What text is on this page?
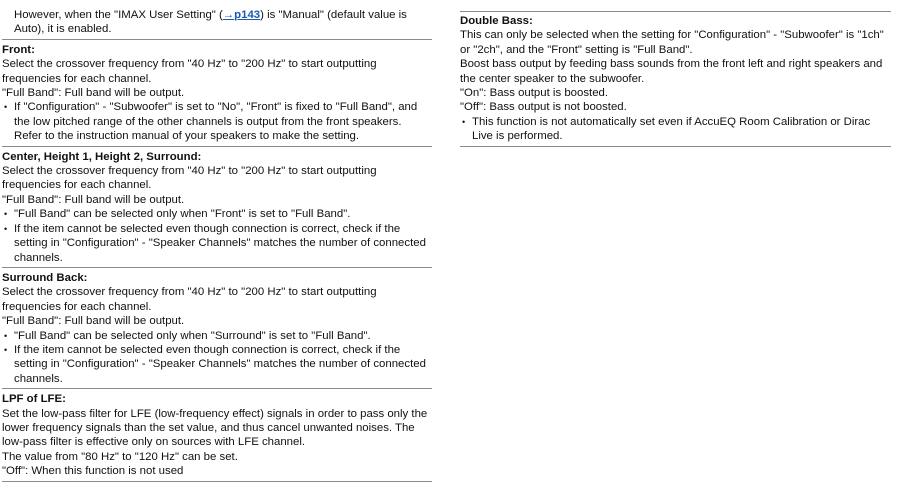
However, when the "IMAX User Setting" (→p143) is "Manual" (default value is Auto), it is enabled.

Front:

Select the crossover frequency from "40 Hz" to "200 Hz" to start outputting frequencies for each channel.

"Full Band": Full band will be output.

• If "Configuration" - "Subwoofer" is set to "No", "Front" is fixed to "Full Band", and the low pitched range of the other channels is output from the front speakers. Refer to the instruction manual of your speakers to make the setting.

Center, Height 1, Height 2, Surround:

Select the crossover frequency from "40 Hz" to "200 Hz" to start outputting frequencies for each channel.

"Full Band": Full band will be output.

• "Full Band" can be selected only when "Front" is set to "Full Band".

• If the item cannot be selected even though connection is correct, check if the setting in "Configuration" - "Speaker Channels" matches the number of connected channels.

Surround Back:

Select the crossover frequency from "40 Hz" to "200 Hz" to start outputting frequencies for each channel.

"Full Band": Full band will be output.

• "Full Band" can be selected only when "Surround" is set to "Full Band".

• If the item cannot be selected even though connection is correct, check if the setting in "Configuration" - "Speaker Channels" matches the number of connected channels.

LPF of LFE:

Set the low-pass filter for LFE (low-frequency effect) signals in order to pass only the lower frequency signals than the set value, and thus cancel unwanted noises. The low-pass filter is effective only on sources with LFE channel.

The value from "80 Hz" to "120 Hz" can be set.

"Off": When this function is not used

Double Bass:

This can only be selected when the setting for "Configuration" - "Subwoofer" is "1ch" or "2ch", and the "Front" setting is "Full Band".

Boost bass output by feeding bass sounds from the front left and right speakers and the center speaker to the subwoofer.

"On": Bass output is boosted.

"Off": Bass output is not boosted.

• This function is not automatically set even if AccuEQ Room Calibration or Dirac Live is performed.
